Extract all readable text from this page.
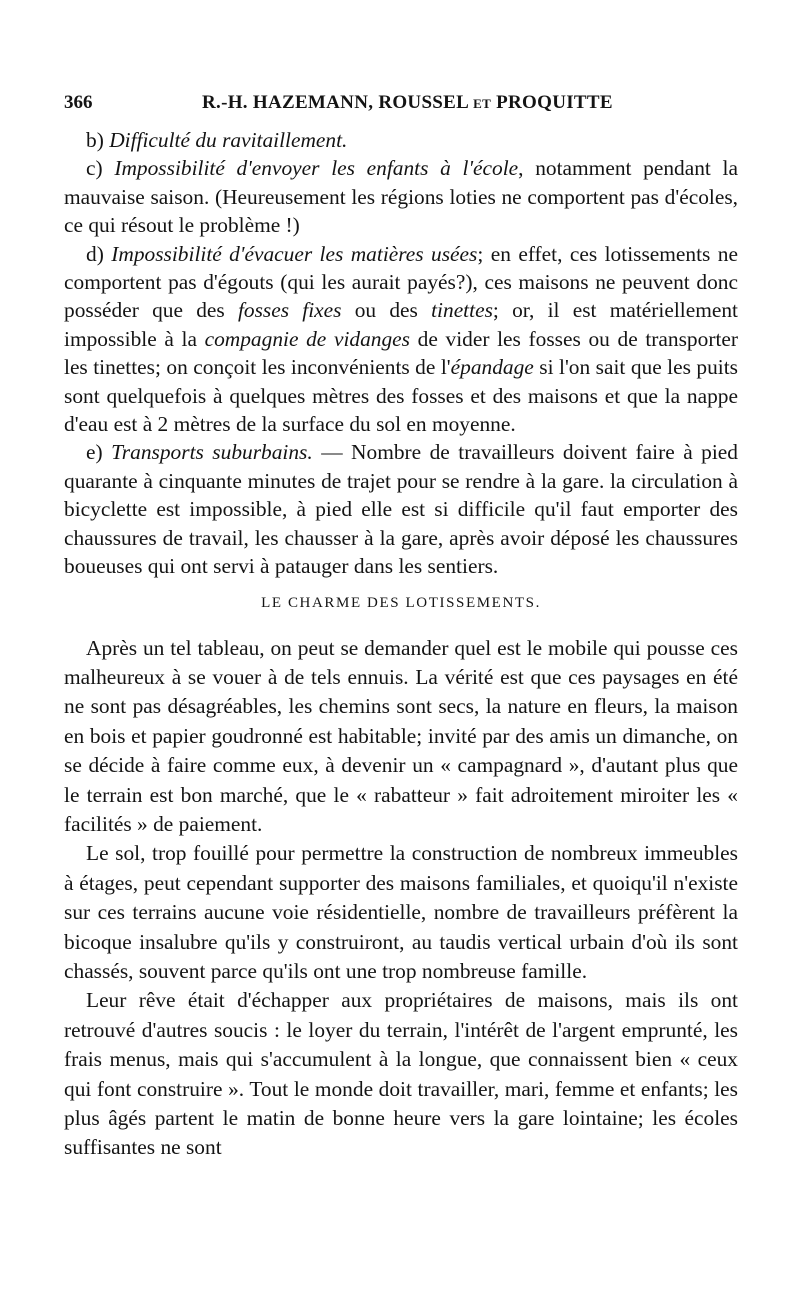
366	R.-H. HAZEMANN, ROUSSEL et PROQUITTE

b) Difficulté du ravitaillement.

c) Impossibilité d'envoyer les enfants à l'école, notamment pendant la mauvaise saison. (Heureusement les régions loties ne comportent pas d'écoles, ce qui résout le problème !)

d) Impossibilité d'évacuer les matières usées; en effet, ces lotissements ne comportent pas d'égouts (qui les aurait payés?), ces maisons ne peuvent donc posséder que des fosses fixes ou des tinettes; or, il est matériellement impossible à la compagnie de vidanges de vider les fosses ou de transporter les tinettes; on conçoit les inconvénients de l'épandage si l'on sait que les puits sont quelquefois à quelques mètres des fosses et des maisons et que la nappe d'eau est à 2 mètres de la surface du sol en moyenne.

e) Transports suburbains. — Nombre de travailleurs doivent faire à pied quarante à cinquante minutes de trajet pour se rendre à la gare. la circulation à bicyclette est impossible, à pied elle est si difficile qu'il faut emporter des chaussures de travail, les chausser à la gare, après avoir déposé les chaussures boueuses qui ont servi à patauger dans les sentiers.

LE CHARME DES LOTISSEMENTS.

Après un tel tableau, on peut se demander quel est le mobile qui pousse ces malheureux à se vouer à de tels ennuis. La vérité est que ces paysages en été ne sont pas désagréables, les chemins sont secs, la nature en fleurs, la maison en bois et papier goudronné est habitable; invité par des amis un dimanche, on se décide à faire comme eux, à devenir un « campagnard », d'autant plus que le terrain est bon marché, que le « rabatteur » fait adroitement miroiter les « facilités » de paiement.

Le sol, trop fouillé pour permettre la construction de nombreux immeubles à étages, peut cependant supporter des maisons familiales, et quoiqu'il n'existe sur ces terrains aucune voie résidentielle, nombre de travailleurs préfèrent la bicoque insalubre qu'ils y construiront, au taudis vertical urbain d'où ils sont chassés, souvent parce qu'ils ont une trop nombreuse famille.

Leur rêve était d'échapper aux propriétaires de maisons, mais ils ont retrouvé d'autres soucis : le loyer du terrain, l'intérêt de l'argent emprunté, les frais menus, mais qui s'accumulent à la longue, que connaissent bien « ceux qui font construire ». Tout le monde doit travailler, mari, femme et enfants; les plus âgés partent le matin de bonne heure vers la gare lointaine; les écoles suffisantes ne sont
